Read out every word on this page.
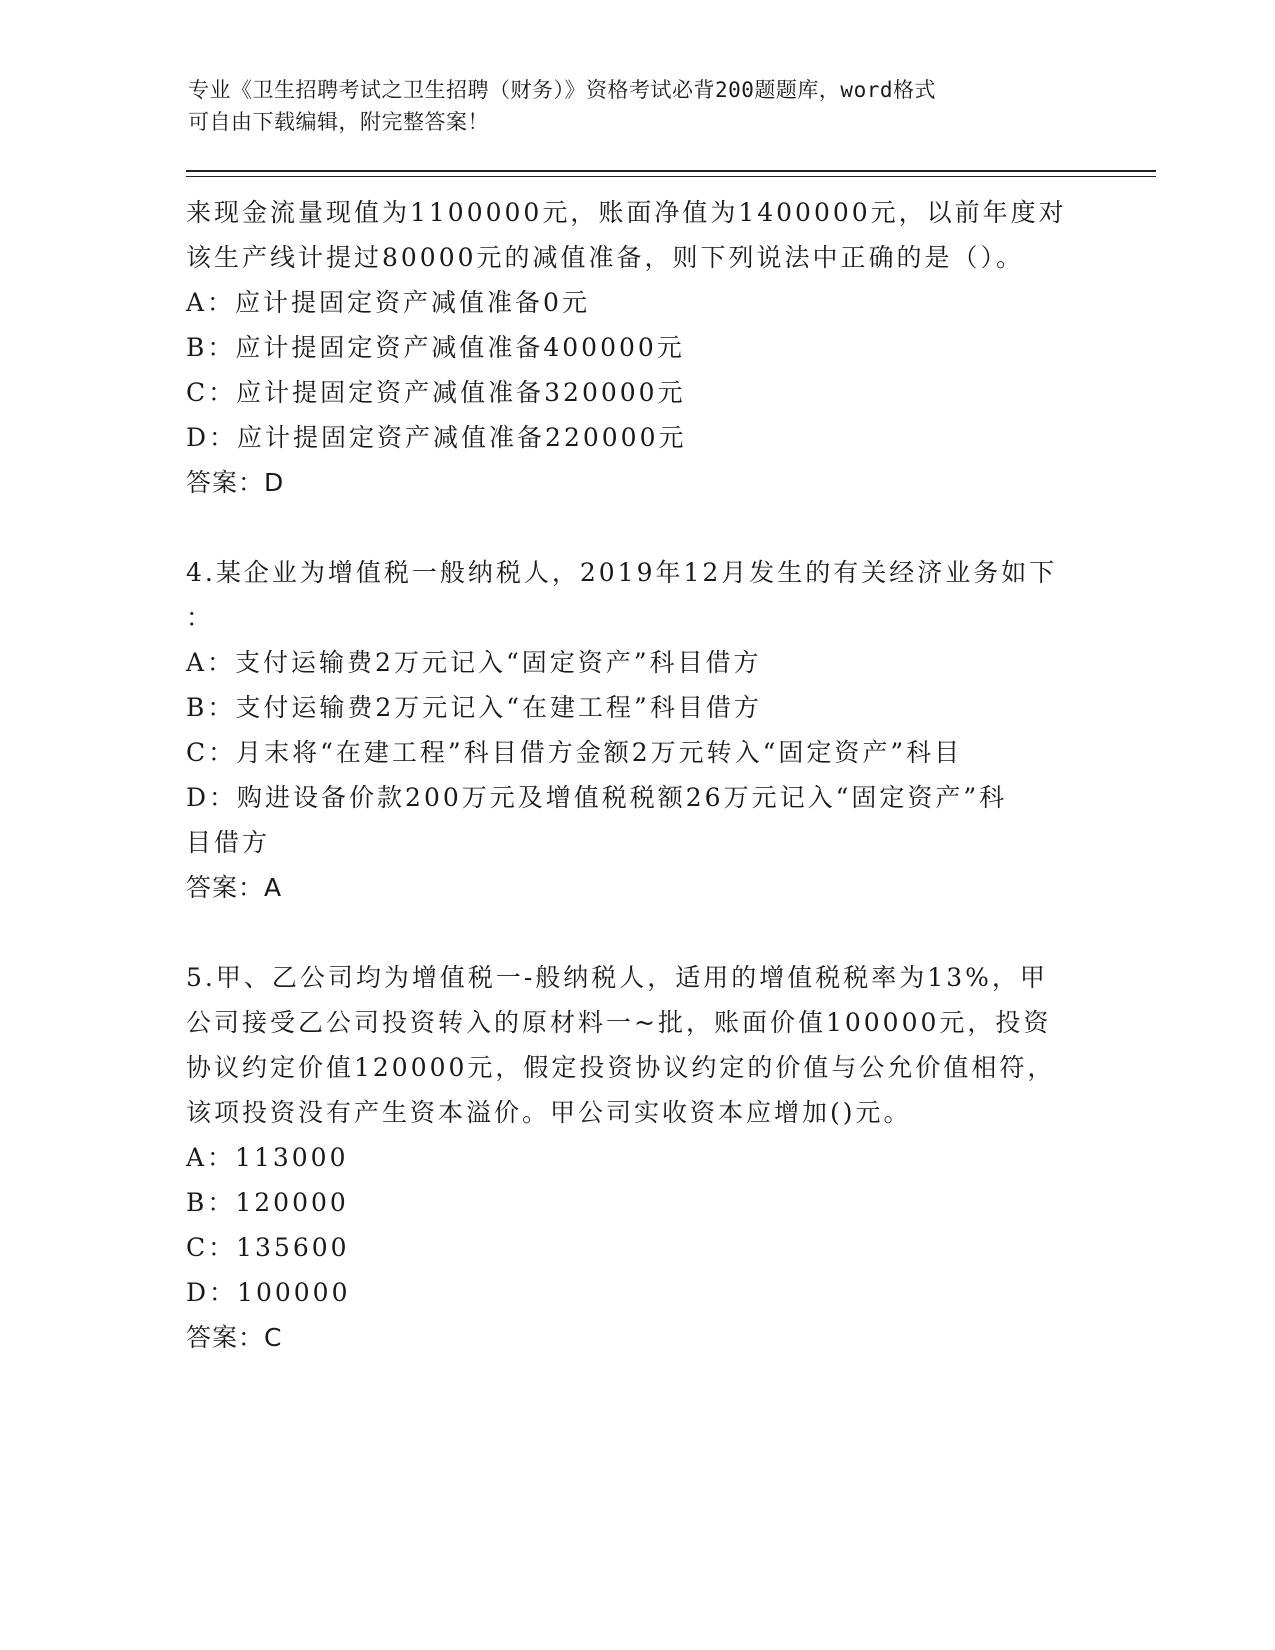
专业《卫生招聘考试之卫生招聘（财务）》资格考试必背200题题库，word格式
可自由下载编辑，附完整答案！
来现金流量现值为1100000元，账面净值为1400000元，以前年度对
该生产线计提过80000元的减值准备，则下列说法中正确的是（）。
A：应计提固定资产减值准备0元
B：应计提固定资产减值准备400000元
C：应计提固定资产减值准备320000元
D：应计提固定资产减值准备220000元
答案：D
4.某企业为增值税一般纳税人，2019年12月发生的有关经济业务如下
：
A：支付运输费2万元记入“固定资产”科目借方
B：支付运输费2万元记入“在建工程”科目借方
C：月末将“在建工程”科目借方金额2万元转入“固定资产”科目
D：购进设备价款200万元及增值税税额26万元记入“固定资产”科
目借方
答案：A
5.甲、乙公司均为增值税一-般纳税人，适用的增值税税率为13%，甲
公司接受乙公司投资转入的原材料一~批，账面价值100000元，投资
协议约定价值120000元，假定投资协议约定的价值与公允价值相符，
该项投资没有产生资本溢价。甲公司实收资本应增加()元。
A：113000
B：120000
C：135600
D：100000
答案：C
